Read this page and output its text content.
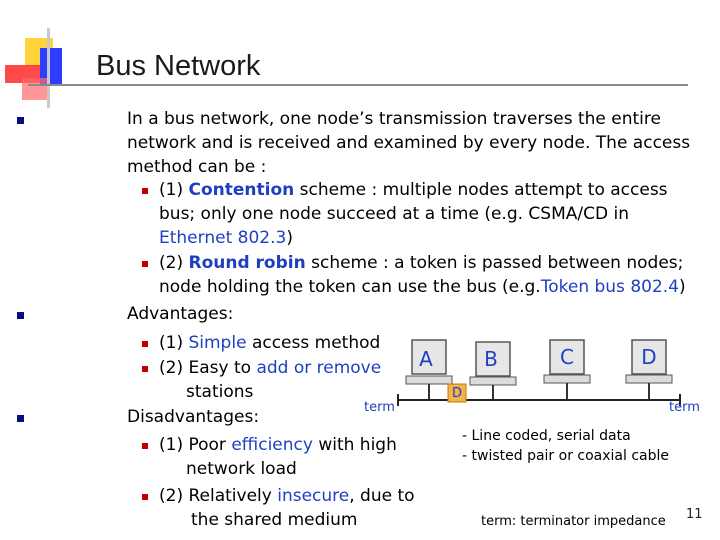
Bus Network
In a bus network, one node’s transmission traverses the entire
network and is received and examined by every node. The access
method can be :
(1) Contention scheme : multiple nodes attempt to access
bus; only one node succeed at a time (e.g. CSMA/CD in
Ethernet 802.3)
(2) Round robin scheme : a token is passed between nodes;
node holding the token can use the bus (e.g.Token bus 802.4)
Advantages:
(1) Simple access method
(2) Easy to add or remove
stations
Disadvantages:
(1) Poor efficiency with high
network load
(2) Relatively insecure, due to
the shared medium
A	B	C	D
D
term	term
- Line coded, serial data
- twisted pair or coaxial cable
term: terminator impedance 11
